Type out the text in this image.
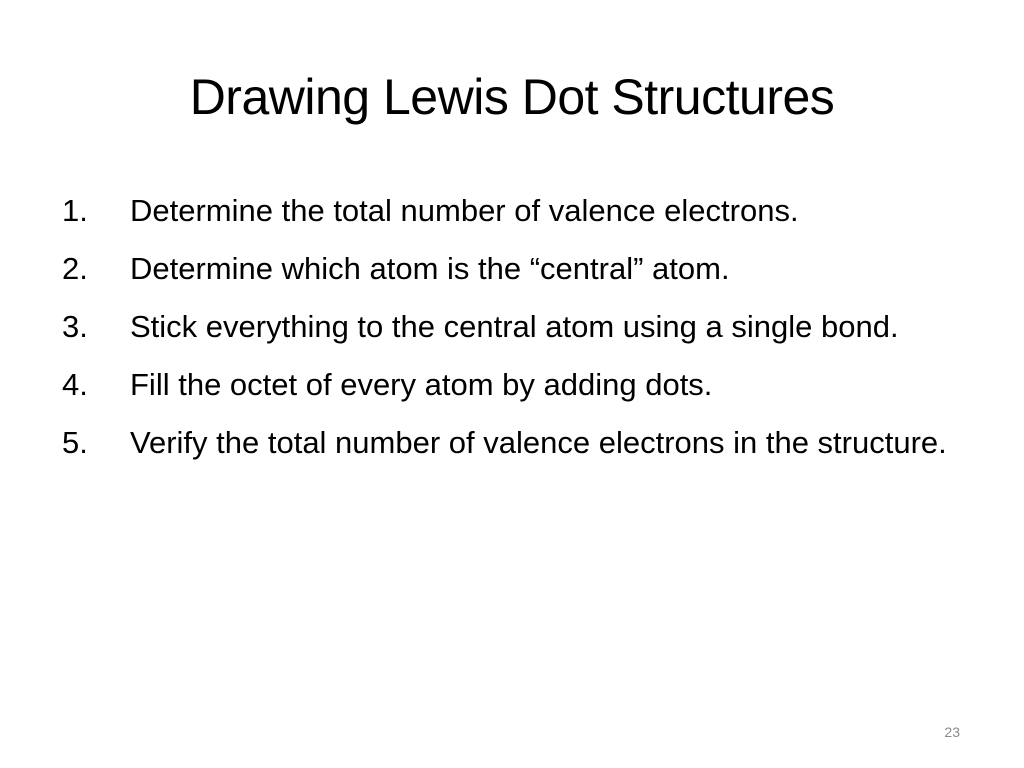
Drawing Lewis Dot Structures
1.	Determine the total number of valence electrons.
2.	Determine which atom is the “central” atom.
3.	Stick everything to the central atom using a single bond.
4.	Fill the octet of every atom by adding dots.
5.	Verify the total number of valence electrons in the structure.
23
